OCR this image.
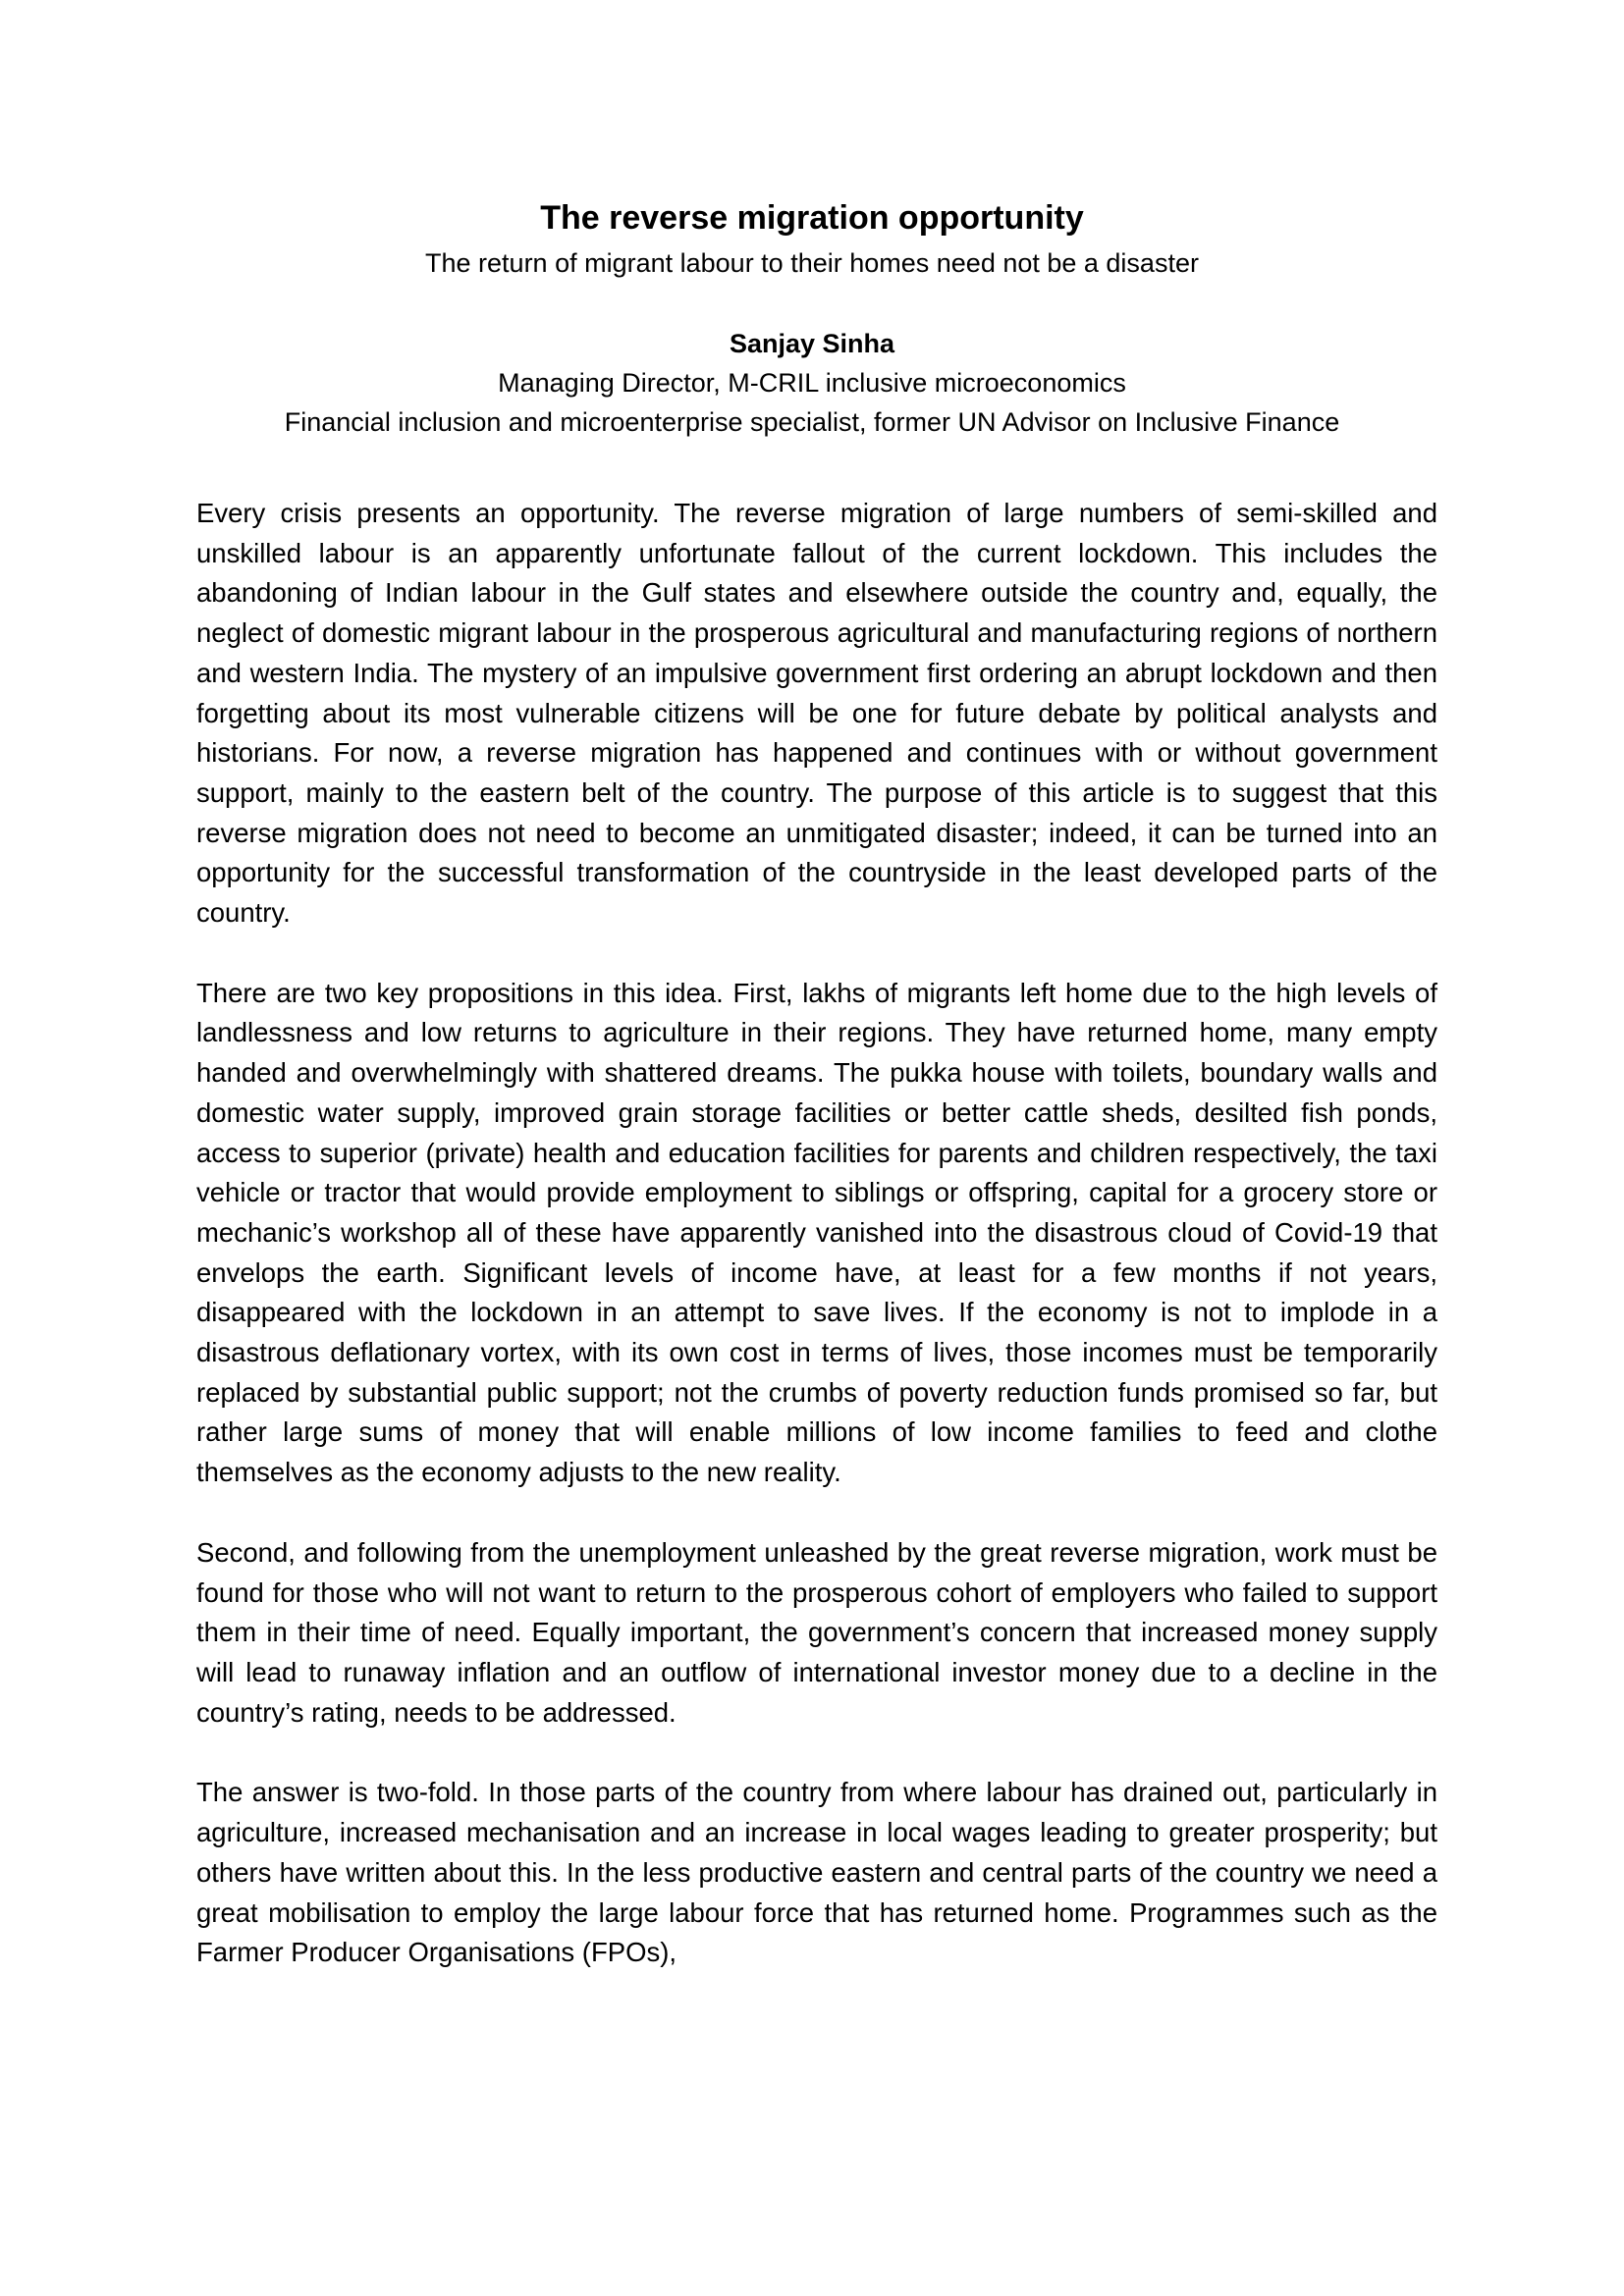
The reverse migration opportunity
The return of migrant labour to their homes need not be a disaster
Sanjay Sinha
Managing Director, M-CRIL inclusive microeconomics
Financial inclusion and microenterprise specialist, former UN Advisor on Inclusive Finance

Every crisis presents an opportunity. The reverse migration of large numbers of semi-skilled and unskilled labour is an apparently unfortunate fallout of the current lockdown. This includes the abandoning of Indian labour in the Gulf states and elsewhere outside the country and, equally, the neglect of domestic migrant labour in the prosperous agricultural and manufacturing regions of northern and western India. The mystery of an impulsive government first ordering an abrupt lockdown and then forgetting about its most vulnerable citizens will be one for future debate by political analysts and historians. For now, a reverse migration has happened and continues with or without government support, mainly to the eastern belt of the country. The purpose of this article is to suggest that this reverse migration does not need to become an unmitigated disaster; indeed, it can be turned into an opportunity for the successful transformation of the countryside in the least developed parts of the country.

There are two key propositions in this idea. First, lakhs of migrants left home due to the high levels of landlessness and low returns to agriculture in their regions. They have returned home, many empty handed and overwhelmingly with shattered dreams. The pukka house with toilets, boundary walls and domestic water supply, improved grain storage facilities or better cattle sheds, desilted fish ponds, access to superior (private) health and education facilities for parents and children respectively, the taxi vehicle or tractor that would provide employment to siblings or offspring, capital for a grocery store or mechanic’s workshop all of these have apparently vanished into the disastrous cloud of Covid-19 that envelops the earth. Significant levels of income have, at least for a few months if not years, disappeared with the lockdown in an attempt to save lives. If the economy is not to implode in a disastrous deflationary vortex, with its own cost in terms of lives, those incomes must be temporarily replaced by substantial public support; not the crumbs of poverty reduction funds promised so far, but rather large sums of money that will enable millions of low income families to feed and clothe themselves as the economy adjusts to the new reality.

Second, and following from the unemployment unleashed by the great reverse migration, work must be found for those who will not want to return to the prosperous cohort of employers who failed to support them in their time of need. Equally important, the government’s concern that increased money supply will lead to runaway inflation and an outflow of international investor money due to a decline in the country’s rating, needs to be addressed.

The answer is two-fold. In those parts of the country from where labour has drained out, particularly in agriculture, increased mechanisation and an increase in local wages leading to greater prosperity; but others have written about this. In the less productive eastern and central parts of the country we need a great mobilisation to employ the large labour force that has returned home. Programmes such as the Farmer Producer Organisations (FPOs),
